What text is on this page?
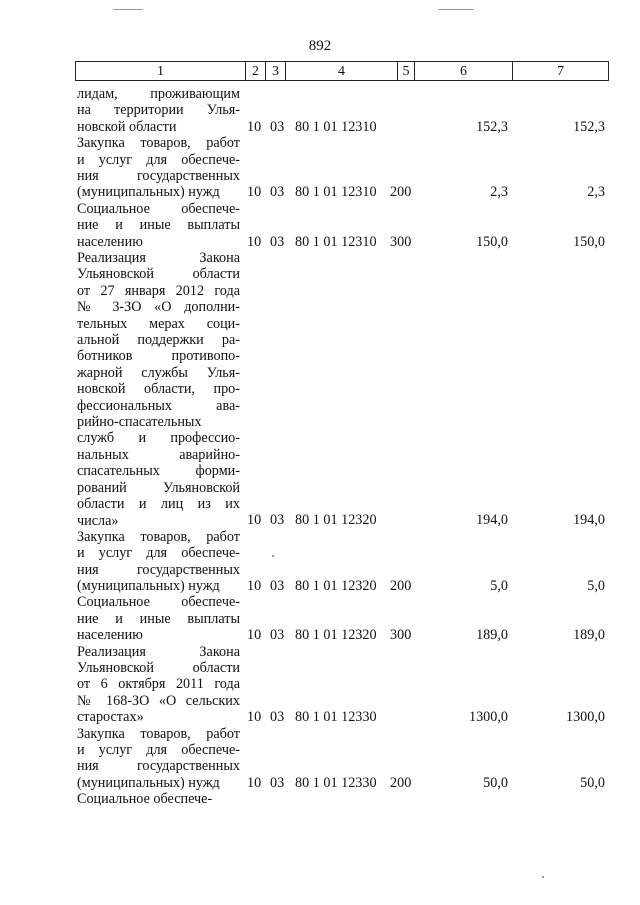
892
1	2 3	4	5	6	7
лидам, проживающим
на территории Улья-
новской области	10 03 80 1 01 12310	152,3	152,3
Закупка товаров, работ
и услуг для обеспече-
ния государственных
(муниципальных) нужд	10 03 80 1 01 12310 200	2,3	2,3
Социальное обеспече-
ние и иные выплаты
населению	10 03 80 1 01 12310 300	150,0	150,0
Реализация Закона
Ульяновской области
от 27 января 2012 года
№ 3-ЗО «О дополни-
тельных мерах соци-
альной поддержки ра-
ботников противопо-
жарной службы Улья-
новской области, про-
фессиональных ава-
рийно-спасательных
служб и профессио-
нальных аварийно-
спасательных форми-
рований Ульяновской
области и лиц из их
числа»	10 03 80 1 01 12320	194,0	194,0
Закупка товаров, работ
и услуг для обеспече-
ния государственных
(муниципальных) нужд	10 03 80 1 01 12320 200	5,0	5,0
Социальное обеспече-
ние и иные выплаты
населению	10 03 80 1 01 12320 300	189,0	189,0
Реализация Закона
Ульяновской области
от 6 октября 2011 года
№ 168-ЗО «О сельских
старостах»	10 03 80 1 01 12330	1300,0	1300,0
Закупка товаров, работ
и услуг для обеспече-
ния государственных
(муниципальных) нужд	10 03 80 1 01 12330 200	50,0	50,0
Социальное обеспече-
